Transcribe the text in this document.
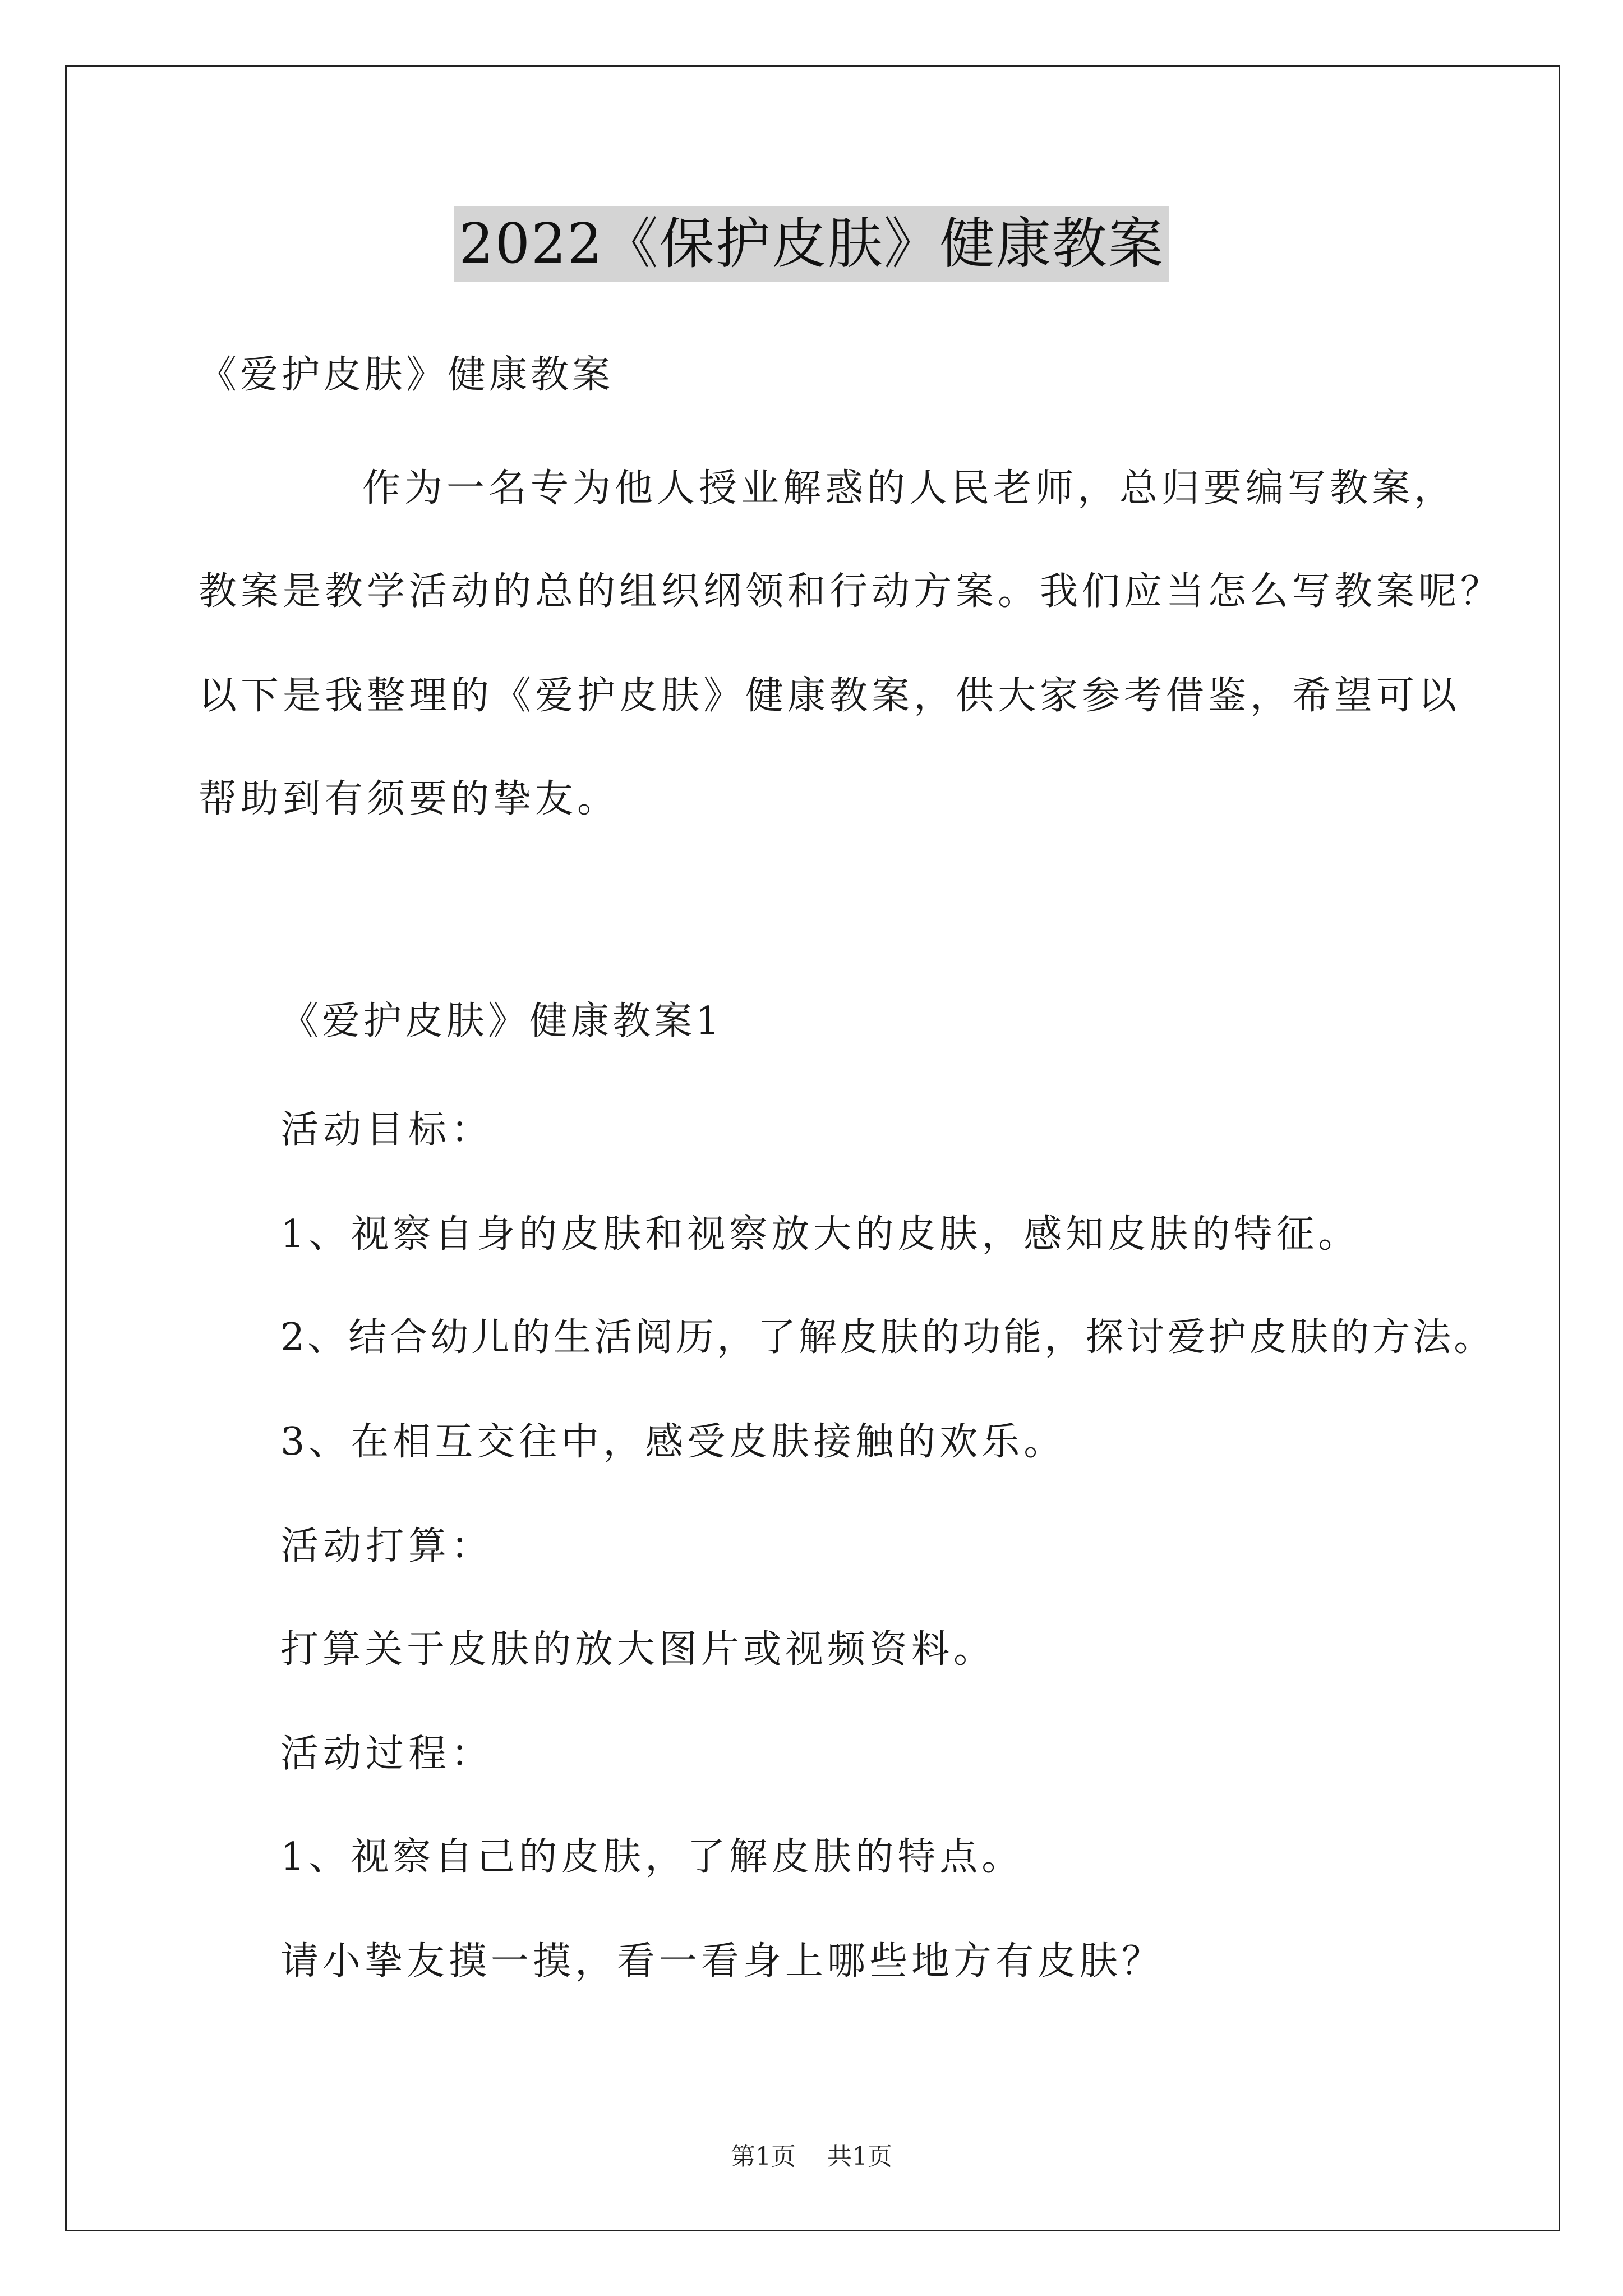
2022《保护皮肤》健康教案
《爱护皮肤》健康教案
作为一名专为他人授业解惑的人民老师，总归要编写教案，
教案是教学活动的总的组织纲领和行动方案。我们应当怎么写教案呢？
以下是我整理的《爱护皮肤》健康教案，供大家参考借鉴，希望可以
帮助到有须要的挚友。
《爱护皮肤》健康教案1
活动目标：
1、视察自身的皮肤和视察放大的皮肤，感知皮肤的特征。
2、结合幼儿的生活阅历，了解皮肤的功能，探讨爱护皮肤的方法。
3、在相互交往中，感受皮肤接触的欢乐。
活动打算：
打算关于皮肤的放大图片或视频资料。
活动过程：
1、视察自己的皮肤，了解皮肤的特点。
请小挚友摸一摸，看一看身上哪些地方有皮肤？
第1页 共1页
